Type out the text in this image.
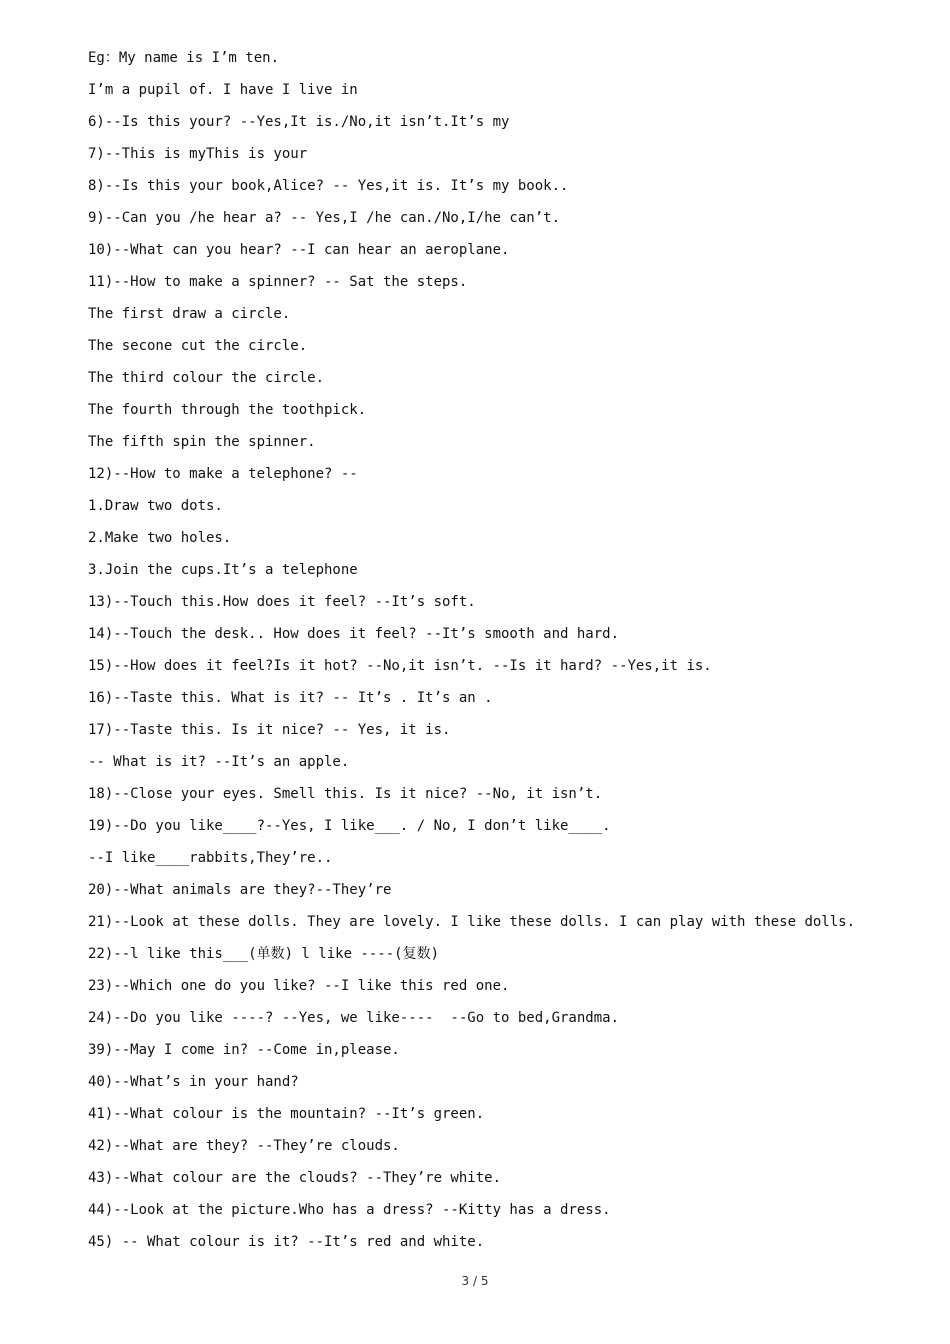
Eg：My name is I’m ten.
I’m a pupil of. I have I live in
6)--Is this your? --Yes,It is./No,it isn’t.It’s my
7)--This is myThis is your
8)--Is this your book,Alice? -- Yes,it is. It’s my book..
9)--Can you /he hear a? -- Yes,I /he can./No,I/he can’t.
10)--What can you hear? --I can hear an aeroplane.
11)--How to make a spinner? -- Sat the steps.
The first draw a circle.
The secone cut the circle.
The third colour the circle.
The fourth through the toothpick.
The fifth spin the spinner.
12)--How to make a telephone? --
1.Draw two dots.
2.Make two holes.
3.Join the cups.It’s a telephone
13)--Touch this.How does it feel? --It’s soft.
14)--Touch the desk.. How does it feel? --It’s smooth and hard.
15)--How does it feel?Is it hot? --No,it isn’t. --Is it hard? --Yes,it is.
16)--Taste this. What is it? -- It’s . It’s an .
17)--Taste this. Is it nice? -- Yes, it is.
-- What is it? --It’s an apple.
18)--Close your eyes. Smell this. Is it nice? --No, it isn’t.
19)--Do you like____?--Yes, I like___. / No, I don’t like____.
--I like____rabbits,They’re..
20)--What animals are they?--They’re
21)--Look at these dolls. They are lovely. I like these dolls. I can play with these dolls.
22)--l like this___(单数) l like ----(复数)
23)--Which one do you like? --I like this red one.
24)--Do you like ----? --Yes, we like----  --Go to bed,Grandma.
39)--May I come in? --Come in,please.
40)--What’s in your hand?
41)--What colour is the mountain? --It’s green.
42)--What are they? --They’re clouds.
43)--What colour are the clouds? --They’re white.
44)--Look at the picture.Who has a dress? --Kitty has a dress.
45) -- What colour is it? --It’s red and white.
3 / 5
